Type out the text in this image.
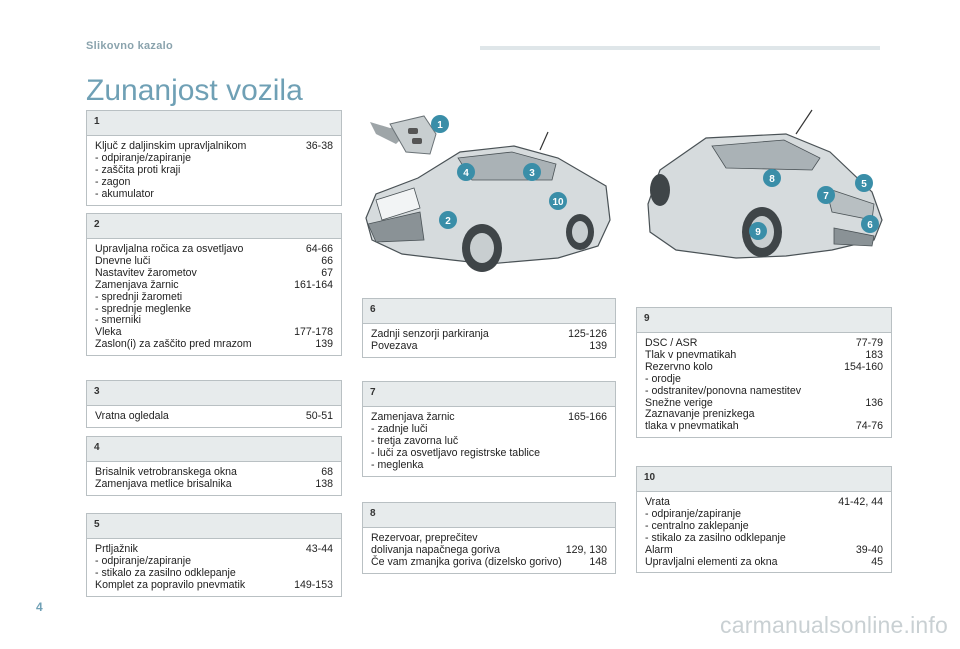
Slikovno kazalo
Zunanjost vozila
1
Ključ z daljinskim upravljalnikom	36-38
- odpiranje/zapiranje
- zaščita proti kraji
- zagon
- akumulator
2
Upravljalna ročica za osvetljavo	64-66
Dnevne luči	66
Nastavitev žarometov	67
Zamenjava žarnic	161-164
- sprednji žarometi
- sprednje meglenke
- smerniki
Vleka	177-178
Zaslon(i) za zaščito pred mrazom	139
3
Vratna ogledala	50-51
4
Brisalnik vetrobranskega okna	68
Zamenjava metlice brisalnika	138
5
Prtljažnik	43-44
- odpiranje/zapiranje
- stikalo za zasilno odklepanje
Komplet za popravilo pnevmatik	149-153
6
Zadnji senzorji parkiranja	125-126
Povezava	139
7
Zamenjava žarnic	165-166
- zadnje luči
- tretja zavorna luč
- luči za osvetljavo registrske tablice
- meglenka
8
Rezervoar, preprečitev
dolivanja napačnega goriva	129, 130
Če vam zmanjka goriva (dizelsko gorivo)	148
9
DSC / ASR	77-79
Tlak v pnevmatikah	183
Rezervno kolo	154-160
- orodje
- odstranitev/ponovna namestitev
Snežne verige	136
Zaznavanje prenizkega
tlaka v pnevmatikah	74-76
10
Vrata	41-42, 44
- odpiranje/zapiranje
- centralno zaklepanje
- stikalo za zasilno odklepanje
Alarm	39-40
Upravljalni elementi za okna	45
1
2
3
4
10
5
6
7
8
9
4
carmanualsonline.info
